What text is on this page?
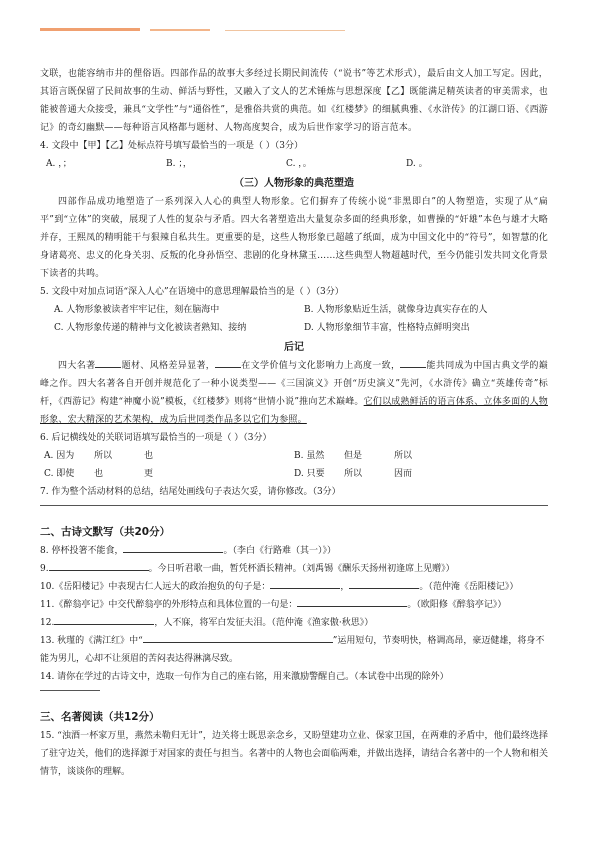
文联，也能容纳市井的俚俗语。四部作品的故事大多经过长期民间流传（“说书”等艺术形式），最后由文人加工写定。因此，其语言既保留了民间故事的生动、鲜活与野性，又融入了文人的艺术锤炼与思想深度【乙】既能满足精英读者的审美需求，也能被普通大众接受，兼具“文学性”与“通俗性”，是雅俗共赏的典范。如《红楼梦》的细腻典雅、《水浒传》的江湖口语、《西游记》的奇幻幽默——每种语言风格都与题材、人物高度契合，成为后世作家学习的语言范本。

4. 文段中【甲】【乙】处标点符号填写最恰当的一项是（ ）（3分）

A. ，；	B. ；，	C. ，。	D. 。

（三）人物形象的典范塑造

四部作品成功地塑造了一系列深入人心的典型人物形象。它们摒弃了传统小说“非黑即白”的人物塑造，实现了从“扁平”到“立体”的突破，展现了人性的复杂与矛盾。四大名著塑造出大量复杂多面的经典形象，如曹操的“奸雄”本色与雄才大略并存，王熙凤的精明能干与狠辣自私共生。更重要的是，这些人物形象已超越了纸面，成为中国文化中的“符号”，如智慧的化身诸葛亮、忠义的化身关羽、反叛的化身孙悟空、悲剧的化身林黛玉……这些典型人物超越时代，至今仍能引发共同文化背景下读者的共鸣。

5. 文段中对加点词语“深入人心”在语境中的意思理解最恰当的是（ ）（3分）

A. 人物形象被读者牢牢记住，刻在脑海中	B. 人物形象贴近生活，就像身边真实存在的人
C. 人物形象传递的精神与文化被读者熟知、接纳	D. 人物形象细节丰富，性格特点鲜明突出

后记

四大名著	题材、风格差异显著，	在文学价值与文化影响力上高度一致，	能共同成为中国古典文学的巅峰之作。四大名著各自开创并规范化了一种小说类型——《三国演义》开创“历史演义”先河，《水浒传》确立“英雄传奇”标杆，《西游记》构建“神魔小说”模板，《红楼梦》则将“世情小说”推向艺术巅峰。它们以成熟鲜活的语言体系、立体多面的人物形象、宏大精深的艺术架构，成为后世同类作品多以它们为参照。

6. 后记横线处的关联词语填写最恰当的一项是（ ）（3分）

A. 因为	所以	也	B. 虽然	但是	所以
C. 即使	也	更	D. 只要	所以	因而

7. 作为整个活动材料的总结，结尾处画线句子表达欠妥，请你修改。（3分）

二、古诗文默写（共20分）

8. 停杯投箸不能食，	。（李白《行路难（其一）》）

9.	。今日听君歌一曲，暂凭杯酒长精神。（刘禹锡《酬乐天扬州初逢席上见赠》）

10.《岳阳楼记》中表现古仁人远大的政治抱负的句子是：	，	。（范仲淹《岳阳楼记》）

11.《醉翁亭记》中交代醉翁亭的外形特点和具体位置的一句是：	。（欧阳修《醉翁亭记》）

12.	，人不寐，将军白发征夫泪。（范仲淹《渔家傲·秋思》）

13. 秋瑾的《满江红》中“	”运用短句，节奏明快，格调高昂，豪迈健雄，将身不能为男儿，心却不让须眉的苦闷表达得淋漓尽致。

14. 请你在学过的古诗文中，选取一句作为自己的座右铭，用来激励警醒自己。（本试卷中出现的除外）

三、名著阅读（共12分）

15. “浊酒一杯家万里，燕然未勒归无计”，边关将士既思亲念乡，又盼望建功立业、保家卫国，在两难的矛盾中，他们最终选择了驻守边关，他们的选择源于对国家的责任与担当。名著中的人物也会面临两难，并做出选择，请结合名著中的一个人物和相关情节，谈谈你的理解。
